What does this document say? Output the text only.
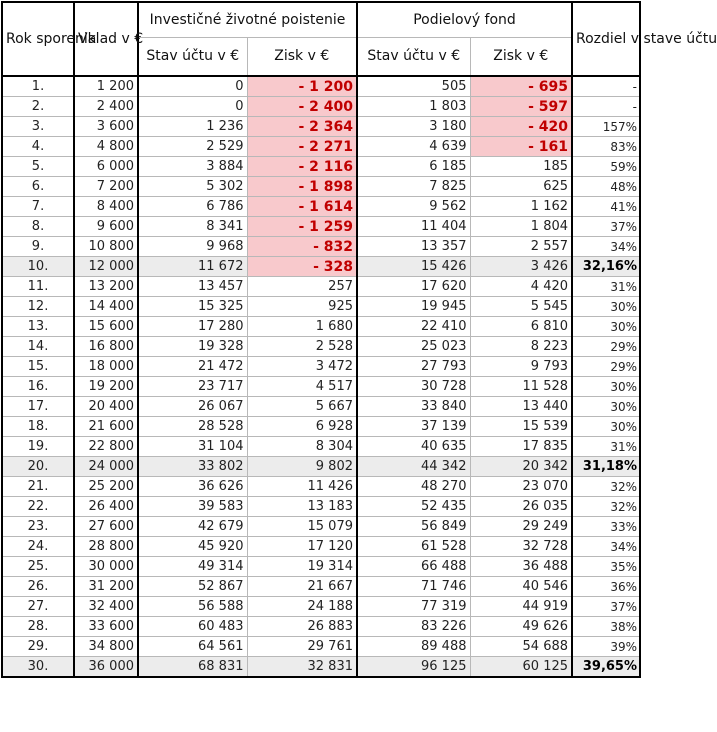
Rok sporenia	Vklad v €	Investičné životné poistenie		Podielový fond		Rozdiel v stave účtu
		Stav účtu v €	Zisk v €	Stav účtu v €	Zisk v €	
1.	1 200	0	- 1 200	505	- 695	-
2.	2 400	0	- 2 400	1 803	- 597	-
3.	3 600	1 236	- 2 364	3 180	- 420	157%
4.	4 800	2 529	- 2 271	4 639	- 161	83%
5.	6 000	3 884	- 2 116	6 185	185	59%
6.	7 200	5 302	- 1 898	7 825	625	48%
7.	8 400	6 786	- 1 614	9 562	1 162	41%
8.	9 600	8 341	- 1 259	11 404	1 804	37%
9.	10 800	9 968	- 832	13 357	2 557	34%
10.	12 000	11 672	- 328	15 426	3 426	32,16%
11.	13 200	13 457	257	17 620	4 420	31%
12.	14 400	15 325	925	19 945	5 545	30%
13.	15 600	17 280	1 680	22 410	6 810	30%
14.	16 800	19 328	2 528	25 023	8 223	29%
15.	18 000	21 472	3 472	27 793	9 793	29%
16.	19 200	23 717	4 517	30 728	11 528	30%
17.	20 400	26 067	5 667	33 840	13 440	30%
18.	21 600	28 528	6 928	37 139	15 539	30%
19.	22 800	31 104	8 304	40 635	17 835	31%
20.	24 000	33 802	9 802	44 342	20 342	31,18%
21.	25 200	36 626	11 426	48 270	23 070	32%
22.	26 400	39 583	13 183	52 435	26 035	32%
23.	27 600	42 679	15 079	56 849	29 249	33%
24.	28 800	45 920	17 120	61 528	32 728	34%
25.	30 000	49 314	19 314	66 488	36 488	35%
26.	31 200	52 867	21 667	71 746	40 546	36%
27.	32 400	56 588	24 188	77 319	44 919	37%
28.	33 600	60 483	26 883	83 226	49 626	38%
29.	34 800	64 561	29 761	89 488	54 688	39%
30.	36 000	68 831	32 831	96 125	60 125	39,65%
